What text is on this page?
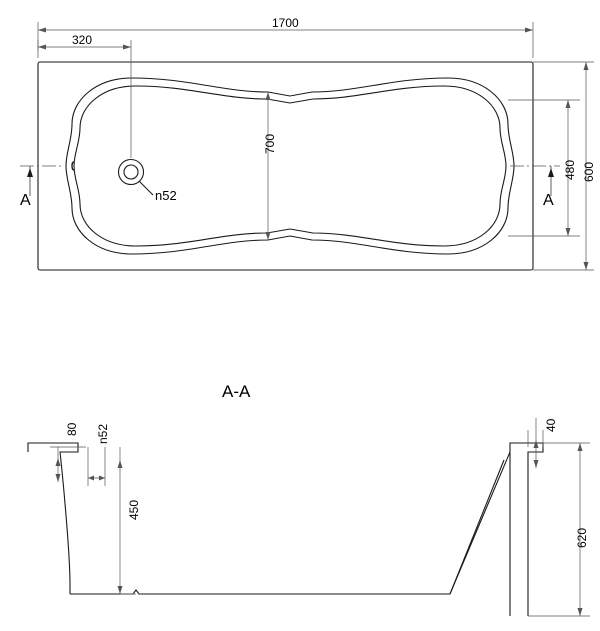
1700
320
700
480 600
n52
A	A
A-A
80 n52
450
40
620
